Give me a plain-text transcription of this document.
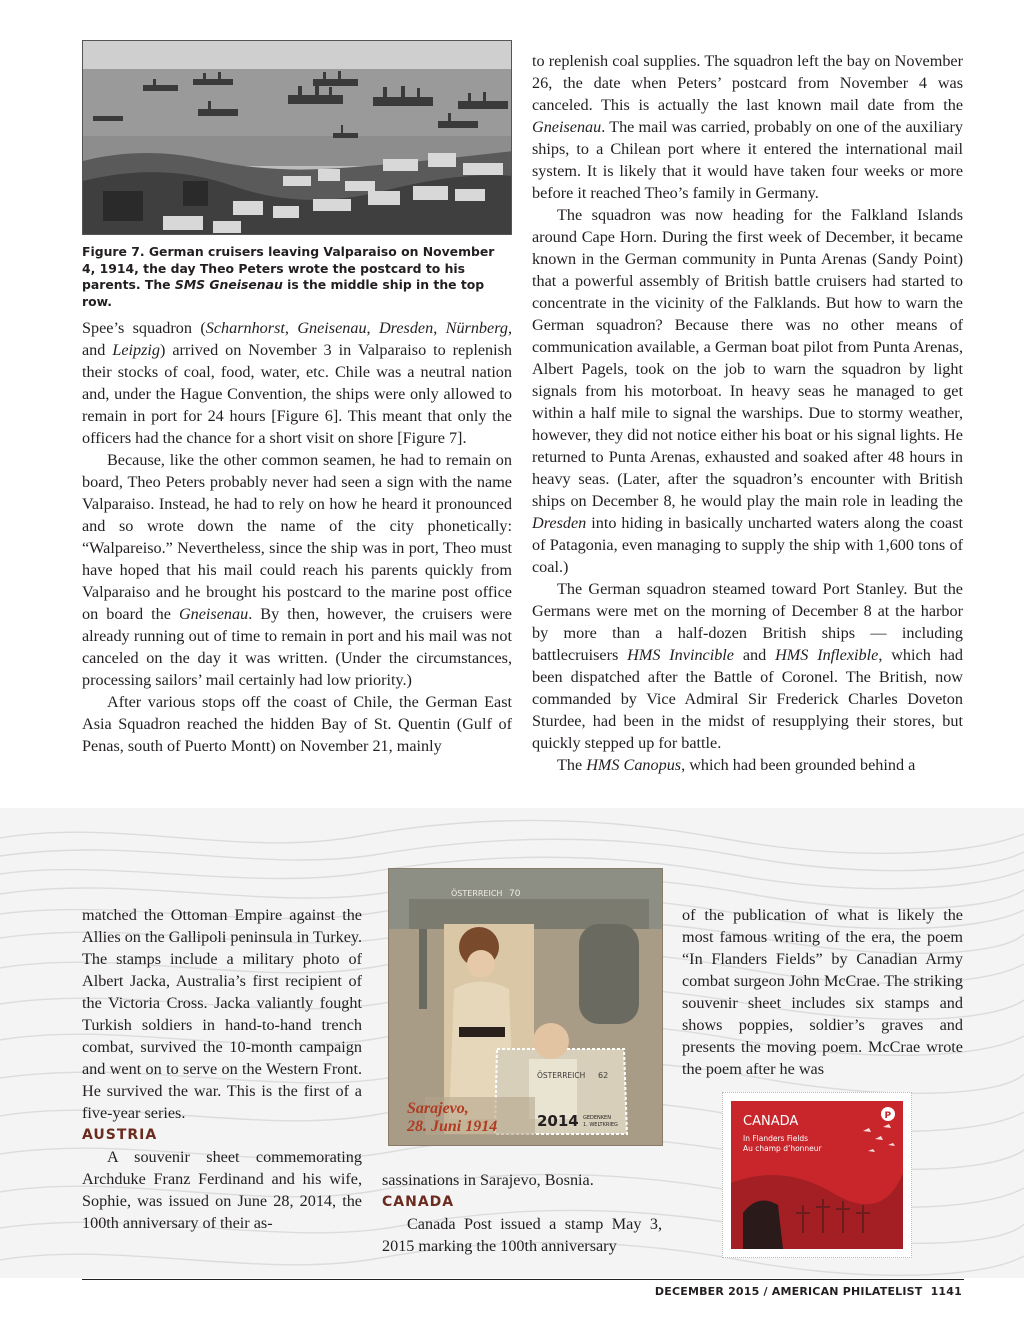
Figure 7. German cruisers leaving Valparaiso on November 4, 1914, the day Theo Peters wrote the postcard to his parents. The SMS Gneisenau is the middle ship in the top row.

Spee’s squadron (Scharnhorst, Gneisenau, Dresden, Nürnberg, and Leipzig) arrived on November 3 in Valparaiso to replenish their stocks of coal, food, water, etc. Chile was a neutral nation and, under the Hague Convention, the ships were only allowed to remain in port for 24 hours [Figure 6]. This meant that only the officers had the chance for a short visit on shore [Figure 7].

Because, like the other common seamen, he had to remain on board, Theo Peters probably never had seen a sign with the name Valparaiso. Instead, he had to rely on how he heard it pronounced and so wrote down the name of the city phonetically: “Walpareiso.” Nevertheless, since the ship was in port, Theo must have hoped that his mail could reach his parents quickly from Valparaiso and he brought his postcard to the marine post office on board the Gneisenau. By then, however, the cruisers were already running out of time to remain in port and his mail was not canceled on the day it was written. (Under the circumstances, processing sailors’ mail certainly had low priority.)

After various stops off the coast of Chile, the German East Asia Squadron reached the hidden Bay of St. Quentin (Gulf of Penas, south of Puerto Montt) on November 21, mainly

to replenish coal supplies. The squadron left the bay on November 26, the date when Peters’ postcard from November 4 was canceled. This is actually the last known mail date from the Gneisenau. The mail was carried, probably on one of the auxiliary ships, to a Chilean port where it entered the international mail system. It is likely that it would have taken four weeks or more before it reached Theo’s family in Germany.

The squadron was now heading for the Falkland Islands around Cape Horn. During the first week of December, it became known in the German community in Punta Arenas (Sandy Point) that a powerful assembly of British battle cruisers had started to concentrate in the vicinity of the Falklands. But how to warn the German squadron? Because there was no other means of communication available, a German boat pilot from Punta Arenas, Albert Pagels, took on the job to warn the squadron by light signals from his motorboat. In heavy seas he managed to get within a half mile to signal the warships. Due to stormy weather, however, they did not notice either his boat or his signal lights. He returned to Punta Arenas, exhausted and soaked after 48 hours in heavy seas. (Later, after the squadron’s encounter with British ships on December 8, he would play the main role in leading the Dresden into hiding in basically uncharted waters along the coast of Patagonia, even managing to supply the ship with 1,600 tons of coal.)

The German squadron steamed toward Port Stanley. But the Germans were met on the morning of December 8 at the harbor by more than a half-dozen British ships — including battlecruisers HMS Invincible and HMS Inflexible, which had been dispatched after the Battle of Coronel. The British, now commanded by Vice Admiral Sir Frederick Charles Doveton Sturdee, had been in the midst of resupplying their stores, but quickly stepped up for battle.

The HMS Canopus, which had been grounded behind a

matched the Ottoman Empire against the Allies on the Gallipoli peninsula in Turkey. The stamps include a military photo of Albert Jacka, Australia’s first recipient of the Victoria Cross. Jacka valiantly fought Turkish soldiers in hand-to-hand trench combat, survived the 10-month campaign and went on to serve on the Western Front. He survived the war. This is the first of a five-year series.

AUSTRIA

A souvenir sheet commemorating Archduke Franz Ferdinand and his wife, Sophie, was issued on June 28, 2014, the 100th anniversary of their as-

sassinations in Sarajevo, Bosnia.

CANADA

Canada Post issued a stamp May 3, 2015 marking the 100th anniversary

of the publication of what is likely the most famous writing of the era, the poem “In Flanders Fields” by Canadian Army combat surgeon John McCrae. The striking souvenir sheet includes six stamps and shows poppies, soldier’s graves and presents the moving poem. McCrae wrote the poem after he was

ÖSTERREICH 70
ÖSTERREICH 62
Sarajevo,
28. Juni 1914	2014 GEDENKEN
1. WELTKRIEG
P
CANADA
In Flanders Fields
Au champ d’honneur
DECEMBER 2015 / AMERICAN PHILATELIST 1141
